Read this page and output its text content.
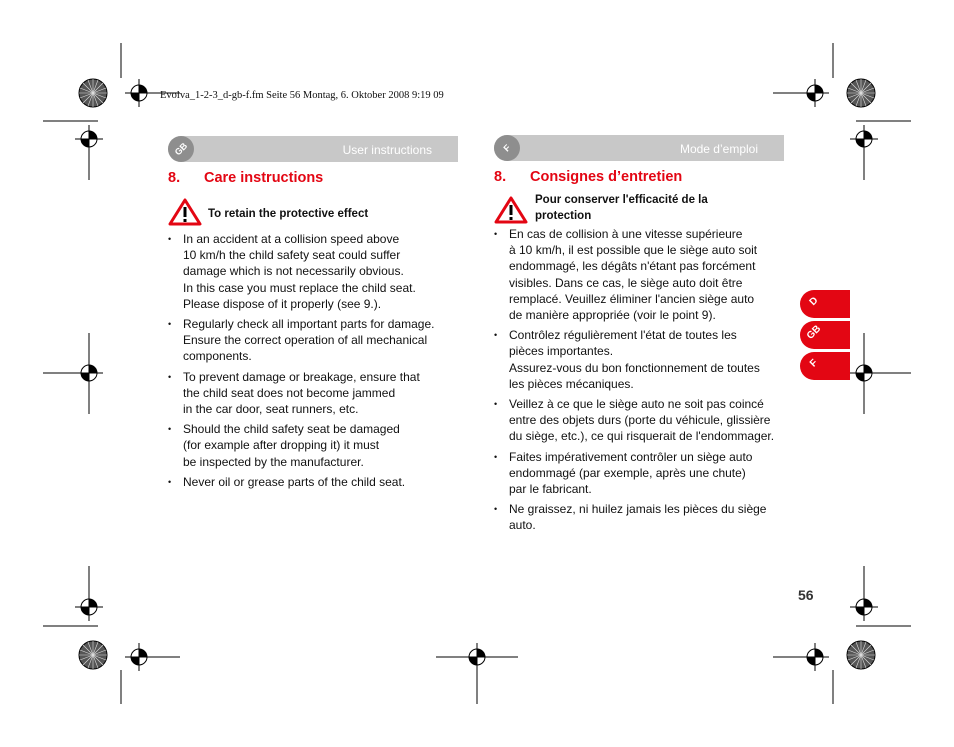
Evolva_1-2-3_d-gb-f.fm Seite 56 Montag, 6. Oktober 2008 9:19 09
GB	User instructions
8. Care instructions
To retain the protective effect
• In an accident at a collision speed above
10 km/h the child safety seat could suffer
damage which is not necessarily obvious.
In this case you must replace the child seat.
Please dispose of it properly (see 9.).
• Regularly check all important parts for damage.
Ensure the correct operation of all mechanical
components.
• To prevent damage or breakage, ensure that
the child seat does not become jammed
in the car door, seat runners, etc.
• Should the child safety seat be damaged
(for example after dropping it) it must
be inspected by the manufacturer.
• Never oil or grease parts of the child seat.
F	Mode d’emploi
8. Consignes d’entretien
Pour conserver l'efficacité de la
protection
• En cas de collision à une vitesse supérieure
à 10 km/h, il est possible que le siège auto soit
endommagé, les dégâts n'étant pas forcément
visibles. Dans ce cas, le siège auto doit être
remplacé. Veuillez éliminer l'ancien siège auto
de manière appropriée (voir le point 9).
• Contrôlez régulièrement l'état de toutes les
pièces importantes.
Assurez-vous du bon fonctionnement de toutes
les pièces mécaniques.
• Veillez à ce que le siège auto ne soit pas coincé
entre des objets durs (porte du véhicule, glissière
du siège, etc.), ce qui risquerait de l'endommager.
• Faites impérativement contrôler un siège auto
endommagé (par exemple, après une chute)
par le fabricant.
• Ne graissez, ni huilez jamais les pièces du siège
auto.
D
GB
F
56
